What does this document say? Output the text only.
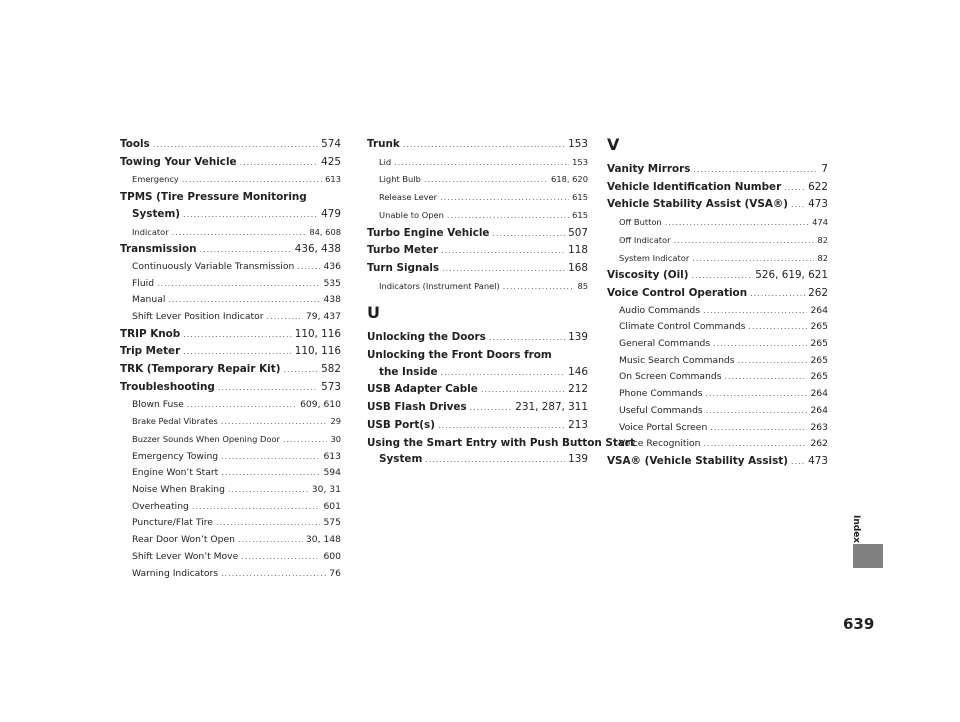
Tools .....	574
Towing Your Vehicle .....	425
Emergency .....	613
TPMS (Tire Pressure Monitoring
System) .....	479
Indicator .....	84, 608
Transmission .....	436, 438
Continuously Variable Transmission .....	436
Fluid .....	535
Manual .....	438
Shift Lever Position Indicator .....	79, 437
TRIP Knob .....	110, 116
Trip Meter .....	110, 116
TRK (Temporary Repair Kit) .....	582
Troubleshooting .....	573
Blown Fuse .....	609, 610
Brake Pedal Vibrates .....	29
Buzzer Sounds When Opening Door .....	30
Emergency Towing .....	613
Engine Won’t Start .....	594
Noise When Braking .....	30, 31
Overheating .....	601
Puncture/Flat Tire .....	575
Rear Door Won’t Open .....	30, 148
Shift Lever Won’t Move .....	600
Warning Indicators .....	76
Trunk .....	153
Lid .....	153
Light Bulb .....	618, 620
Release Lever .....	615
Unable to Open .....	615
Turbo Engine Vehicle .....	507
Turbo Meter .....	118
Turn Signals .....	168
Indicators (Instrument Panel) .....	85
U
Unlocking the Doors .....	139
Unlocking the Front Doors from
the Inside .....	146
USB Adapter Cable .....	212
USB Flash Drives .....	231, 287, 311
USB Port(s) .....	213
Using the Smart Entry with Push Button Start
System .....	139
V
Vanity Mirrors .....	7
Vehicle Identification Number .....	622
Vehicle Stability Assist (VSA®) ..... 473
Off Button .....	474
Off Indicator .....	82
System Indicator .....	82
Viscosity (Oil) .....	526, 619, 621
Voice Control Operation .....	262
Audio Commands .....	264
Climate Control Commands .....	265
General Commands .....	265
Music Search Commands .....	265
On Screen Commands .....	265
Phone Commands .....	264
Useful Commands .....	264
Voice Portal Screen .....	263
Voice Recognition .....	262
VSA® (Vehicle Stability Assist) ..... 473
Index
639
